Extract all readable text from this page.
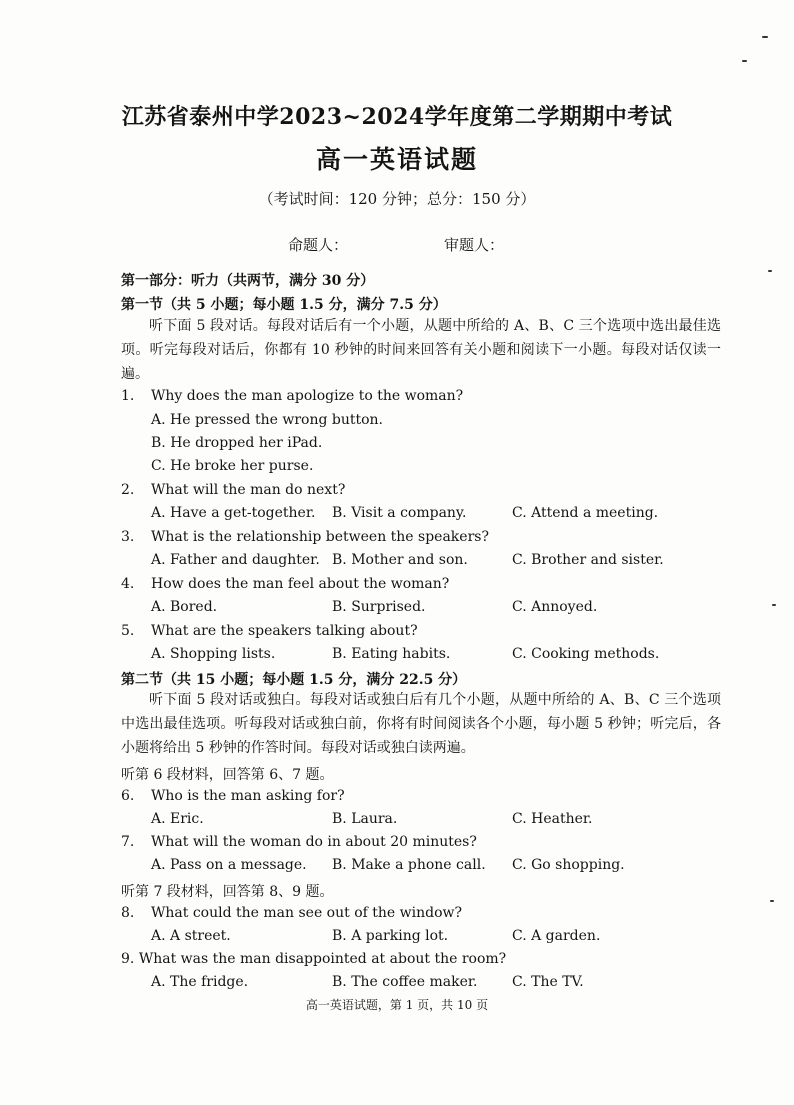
江苏省泰州中学2023~2024学年度第二学期期中考试
高一英语试题
（考试时间：120 分钟；总分：150 分）
命题人：	审题人：
第一部分：听力（共两节，满分 30 分）
第一节（共 5 小题；每小题 1.5 分，满分 7.5 分）
听下面 5 段对话。每段对话后有一个小题，从题中所给的 A、B、C 三个选项中选出最佳选项。听完每段对话后，你都有 10 秒钟的时间来回答有关小题和阅读下一小题。每段对话仅读一遍。
1. Why does the man apologize to the woman?
A. He pressed the wrong button.
B. He dropped her iPad.
C. He broke her purse.
2. What will the man do next?
A. Have a get-together. B. Visit a company.	C. Attend a meeting.
3. What is the relationship between the speakers?
A. Father and daughter. B. Mother and son.	C. Brother and sister.
4. How does the man feel about the woman?
A. Bored.	B. Surprised.	C. Annoyed.
5. What are the speakers talking about?
A. Shopping lists.	B. Eating habits.	C. Cooking methods.
第二节（共 15 小题；每小题 1.5 分，满分 22.5 分）
听下面 5 段对话或独白。每段对话或独白后有几个小题，从题中所给的 A、B、C 三个选项中选出最佳选项。听每段对话或独白前，你将有时间阅读各个小题，每小题 5 秒钟；听完后，各小题将给出 5 秒钟的作答时间。每段对话或独白读两遍。
听第 6 段材料，回答第 6、7 题。
6. Who is the man asking for?
A. Eric.	B. Laura.	C. Heather.
7. What will the woman do in about 20 minutes?
A. Pass on a message. B. Make a phone call. C. Go shopping.
听第 7 段材料，回答第 8、9 题。
8. What could the man see out of the window?
A. A street.	B. A parking lot.	C. A garden.
9. What was the man disappointed at about the room?
A. The fridge.	B. The coffee maker. C. The TV.
高一英语试题，第 1 页，共 10 页
